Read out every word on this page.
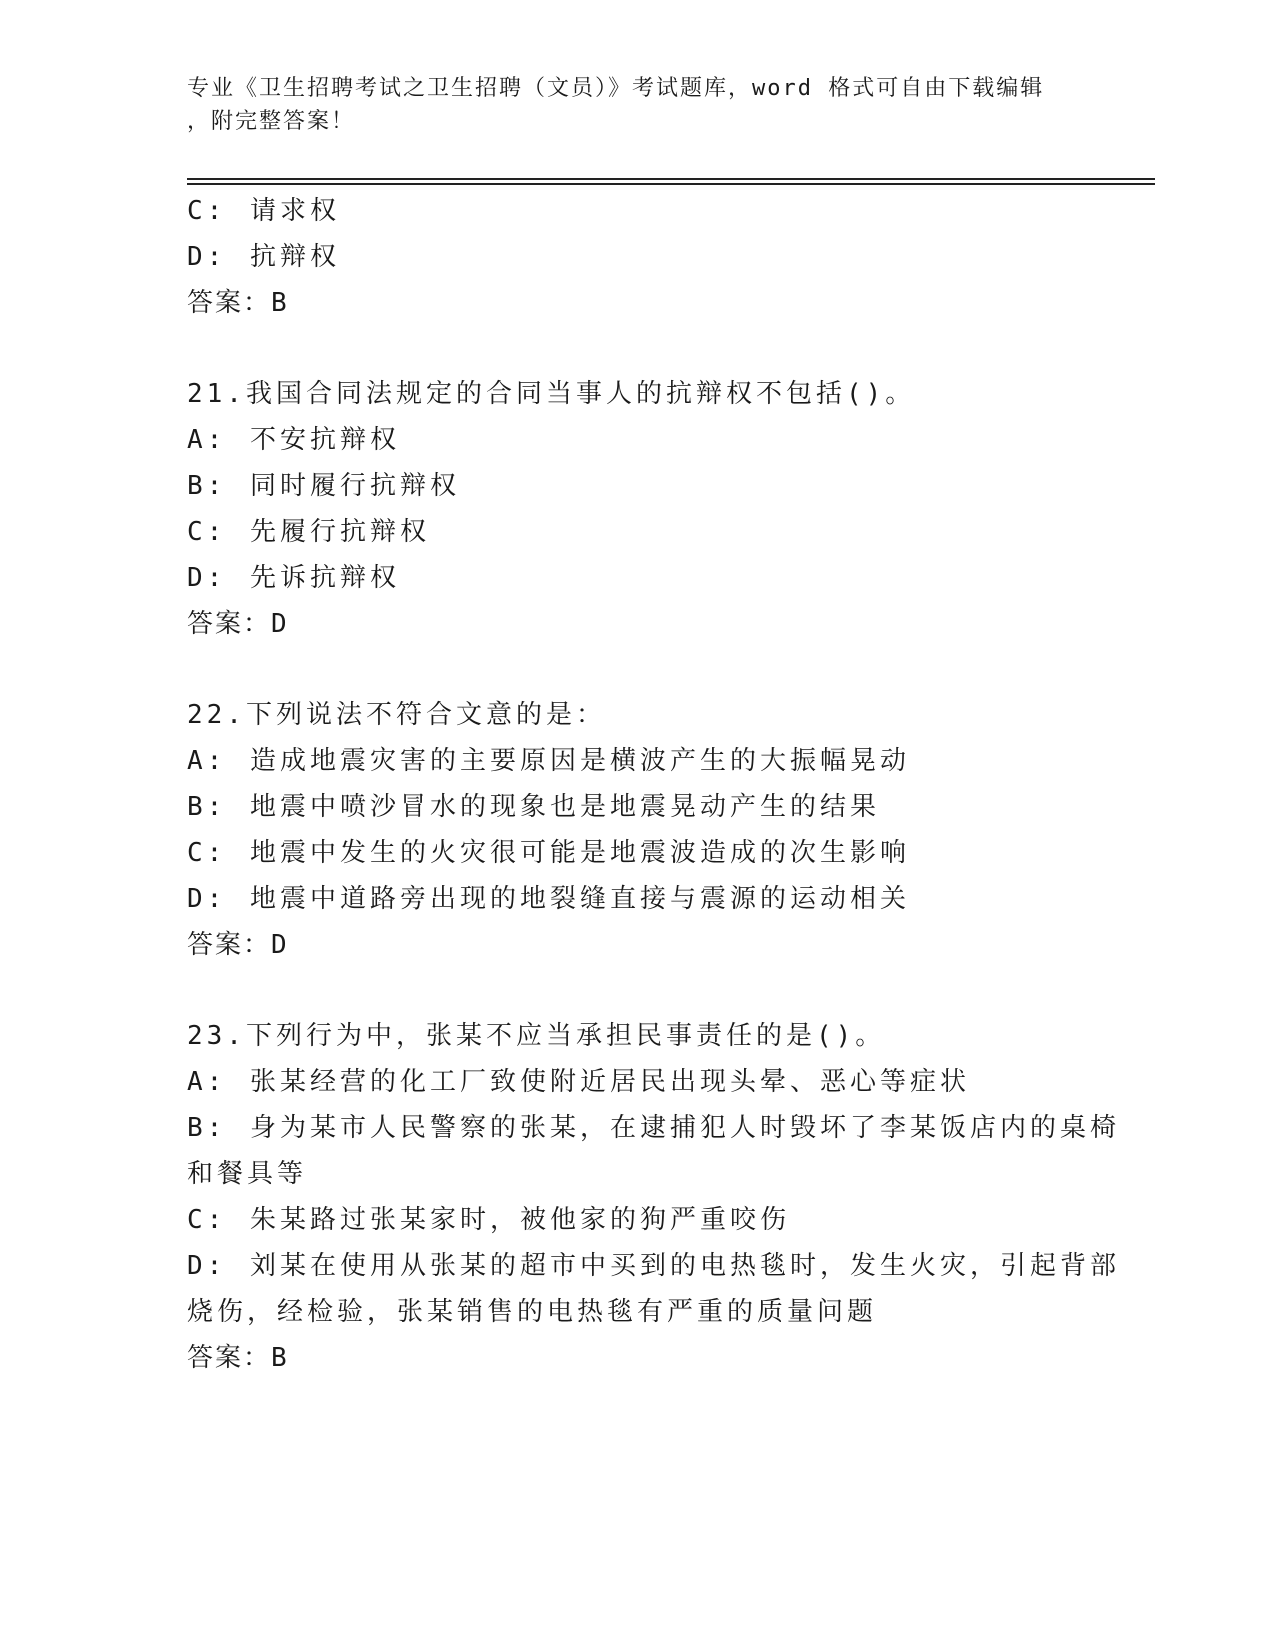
专业《卫生招聘考试之卫生招聘（文员）》考试题库，word 格式可自由下载编辑
，附完整答案！
C: 请求权
D: 抗辩权
答案：B
21.我国合同法规定的合同当事人的抗辩权不包括()。
A: 不安抗辩权
B: 同时履行抗辩权
C: 先履行抗辩权
D: 先诉抗辩权
答案：D
22.下列说法不符合文意的是：
A: 造成地震灾害的主要原因是横波产生的大振幅晃动
B: 地震中喷沙冒水的现象也是地震晃动产生的结果
C: 地震中发生的火灾很可能是地震波造成的次生影响
D: 地震中道路旁出现的地裂缝直接与震源的运动相关
答案：D
23.下列行为中，张某不应当承担民事责任的是()。
A: 张某经营的化工厂致使附近居民出现头晕、恶心等症状
B: 身为某市人民警察的张某，在逮捕犯人时毁坏了李某饭店内的桌椅
和餐具等
C: 朱某路过张某家时，被他家的狗严重咬伤
D: 刘某在使用从张某的超市中买到的电热毯时，发生火灾，引起背部
烧伤，经检验，张某销售的电热毯有严重的质量问题
答案：B
